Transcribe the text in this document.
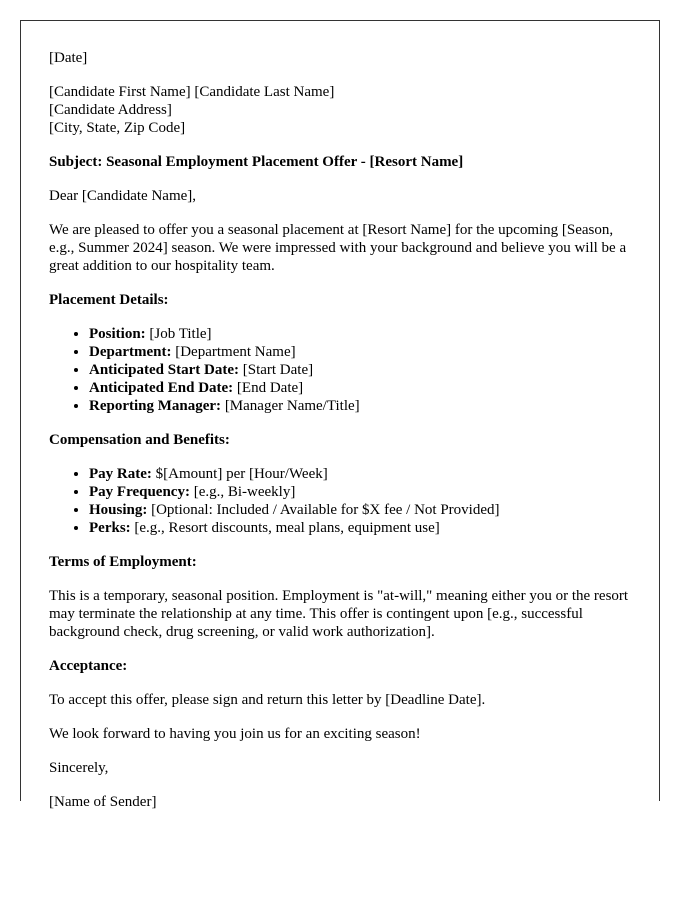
[Date]

[Candidate First Name] [Candidate Last Name]
[Candidate Address]
[City, State, Zip Code]

Subject: Seasonal Employment Placement Offer - [Resort Name]

Dear [Candidate Name],

We are pleased to offer you a seasonal placement at [Resort Name] for the upcoming [Season, e.g., Summer 2024] season. We were impressed with your background and believe you will be a great addition to our hospitality team.

Placement Details:

• Position: [Job Title]
• Department: [Department Name]
• Anticipated Start Date: [Start Date]
• Anticipated End Date: [End Date]
• Reporting Manager: [Manager Name/Title]

Compensation and Benefits:

• Pay Rate: $[Amount] per [Hour/Week]
• Pay Frequency: [e.g., Bi-weekly]
• Housing: [Optional: Included / Available for $X fee / Not Provided]
• Perks: [e.g., Resort discounts, meal plans, equipment use]

Terms of Employment:

This is a temporary, seasonal position. Employment is "at-will," meaning either you or the resort may terminate the relationship at any time. This offer is contingent upon [e.g., successful background check, drug screening, or valid work authorization].

Acceptance:

To accept this offer, please sign and return this letter by [Deadline Date].

We look forward to having you join us for an exciting season!

Sincerely,

[Name of Sender]
